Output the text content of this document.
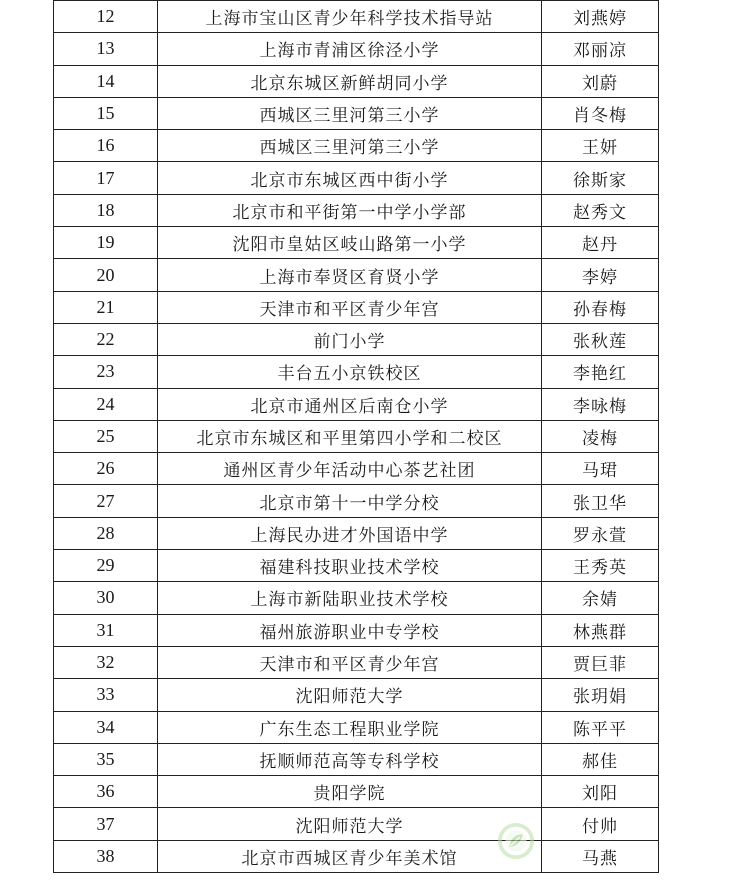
12	上海市宝山区青少年科学技术指导站	刘燕婷
13	上海市青浦区徐泾小学	邓丽凉
14	北京东城区新鲜胡同小学	刘蔚
15	西城区三里河第三小学	肖冬梅
16	西城区三里河第三小学	王妍
17	北京市东城区西中街小学	徐斯家
18	北京市和平街第一中学小学部	赵秀文
19	沈阳市皇姑区岐山路第一小学	赵丹
20	上海市奉贤区育贤小学	李婷
21	天津市和平区青少年宫	孙春梅
22	前门小学	张秋莲
23	丰台五小京铁校区	李艳红
24	北京市通州区后南仓小学	李咏梅
25	北京市东城区和平里第四小学和二校区	凌梅
26	通州区青少年活动中心茶艺社团	马珺
27	北京市第十一中学分校	张卫华
28	上海民办进才外国语中学	罗永萱
29	福建科技职业技术学校	王秀英
30	上海市新陆职业技术学校	余婧
31	福州旅游职业中专学校	林燕群
32	天津市和平区青少年宫	贾巨菲
33	沈阳师范大学	张玥娟
34	广东生态工程职业学院	陈平平
35	抚顺师范高等专科学校	郝佳
36	贵阳学院	刘阳
37	沈阳师范大学	付帅
38	北京市西城区青少年美术馆	马燕
